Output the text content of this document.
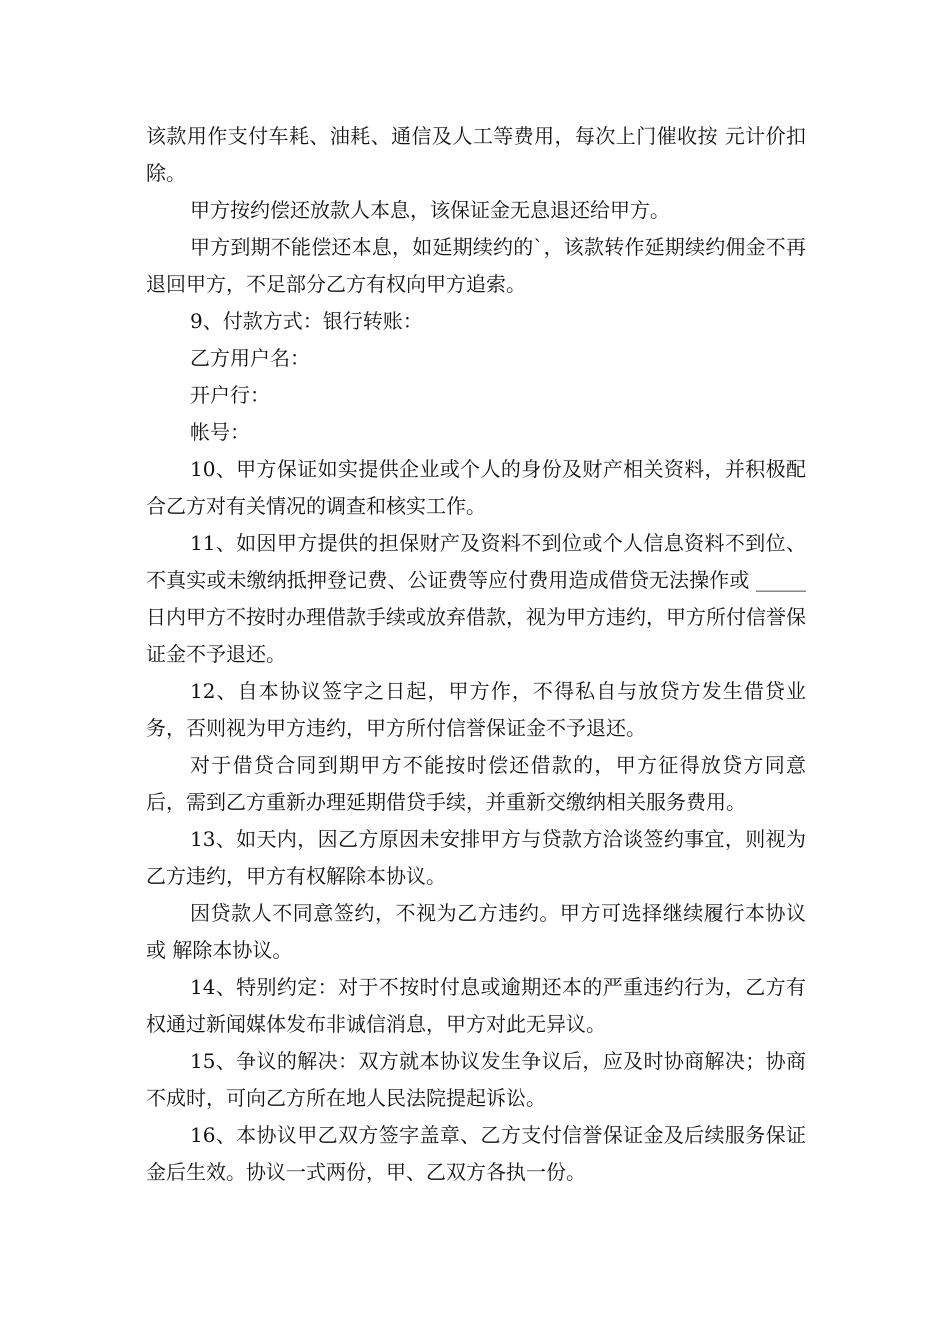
该款用作支付车耗、油耗、通信及人工等费用，每次上门催收按 元计价扣除。

甲方按约偿还放款人本息，该保证金无息退还给甲方。

甲方到期不能偿还本息，如延期续约的`，该款转作延期续约佣金不再退回甲方，不足部分乙方有权向甲方追索。

9、付款方式：银行转账：

乙方用户名：

开户行：

帐号：

10、甲方保证如实提供企业或个人的身份及财产相关资料，并积极配合乙方对有关情况的调查和核实工作。

11、如因甲方提供的担保财产及资料不到位或个人信息资料不到位、不真实或未缴纳抵押登记费、公证费等应付费用造成借贷无法操作或 _____日内甲方不按时办理借款手续或放弃借款，视为甲方违约，甲方所付信誉保证金不予退还。

12、自本协议签字之日起，甲方作，不得私自与放贷方发生借贷业务，否则视为甲方违约，甲方所付信誉保证金不予退还。

对于借贷合同到期甲方不能按时偿还借款的，甲方征得放贷方同意后，需到乙方重新办理延期借贷手续，并重新交缴纳相关服务费用。

13、如天内，因乙方原因未安排甲方与贷款方洽谈签约事宜，则视为乙方违约，甲方有权解除本协议。

因贷款人不同意签约，不视为乙方违约。甲方可选择继续履行本协议或 解除本协议。

14、特别约定：对于不按时付息或逾期还本的严重违约行为，乙方有权通过新闻媒体发布非诚信消息，甲方对此无异议。

15、争议的解决：双方就本协议发生争议后，应及时协商解决；协商不成时，可向乙方所在地人民法院提起诉讼。

16、本协议甲乙双方签字盖章、乙方支付信誉保证金及后续服务保证金后生效。协议一式两份，甲、乙双方各执一份。
